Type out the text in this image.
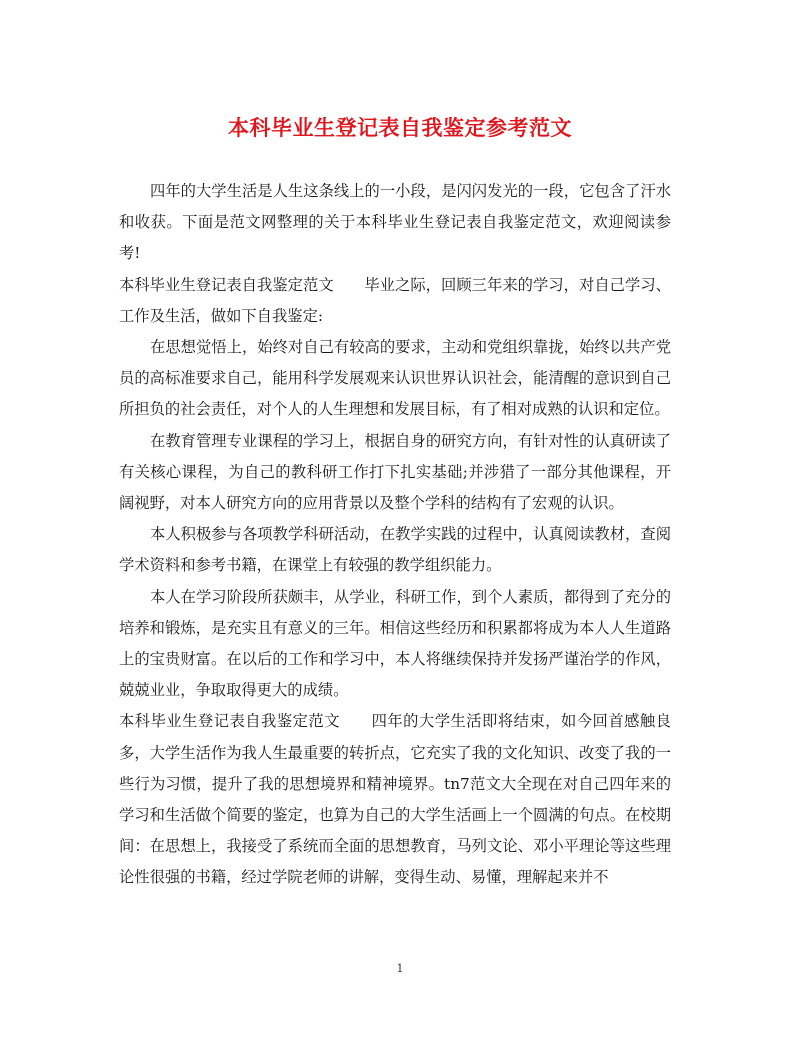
本科毕业生登记表自我鉴定参考范文

四年的大学生活是人生这条线上的一小段，是闪闪发光的一段，它包含了汗水和收获。下面是范文网整理的关于本科毕业生登记表自我鉴定范文，欢迎阅读参考!

本科毕业生登记表自我鉴定范文　　 毕业之际，回顾三年来的学习，对自己学习、工作及生活，做如下自我鉴定:

在思想觉悟上，始终对自己有较高的要求，主动和党组织靠拢，始终以共产党员的高标准要求自己，能用科学发展观来认识世界认识社会，能清醒的意识到自己所担负的社会责任，对个人的人生理想和发展目标，有了相对成熟的认识和定位。

在教育管理专业课程的学习上，根据自身的研究方向，有针对性的认真研读了有关核心课程，为自己的教科研工作打下扎实基础;并涉猎了一部分其他课程，开阔视野，对本人研究方向的应用背景以及整个学科的结构有了宏观的认识。

本人积极参与各项教学科研活动，在教学实践的过程中，认真阅读教材，查阅学术资料和参考书籍，在课堂上有较强的教学组织能力。

本人在学习阶段所获颇丰，从学业，科研工作，到个人素质，都得到了充分的培养和锻炼，是充实且有意义的三年。相信这些经历和积累都将成为本人人生道路上的宝贵财富。在以后的工作和学习中，本人将继续保持并发扬严谨治学的作风，兢兢业业，争取取得更大的成绩。

本科毕业生登记表自我鉴定范文　　 四年的大学生活即将结束，如今回首感触良多，大学生活作为我人生最重要的转折点，它充实了我的文化知识、改变了我的一些行为习惯，提升了我的思想境界和精神境界。tn7范文大全现在对自己四年来的学习和生活做个简要的鉴定，也算为自己的大学生活画上一个圆满的句点。在校期间：在思想上，我接受了系统而全面的思想教育，马列文论、邓小平理论等这些理论性很强的书籍，经过学院老师的讲解，变得生动、易懂，理解起来并不

1
